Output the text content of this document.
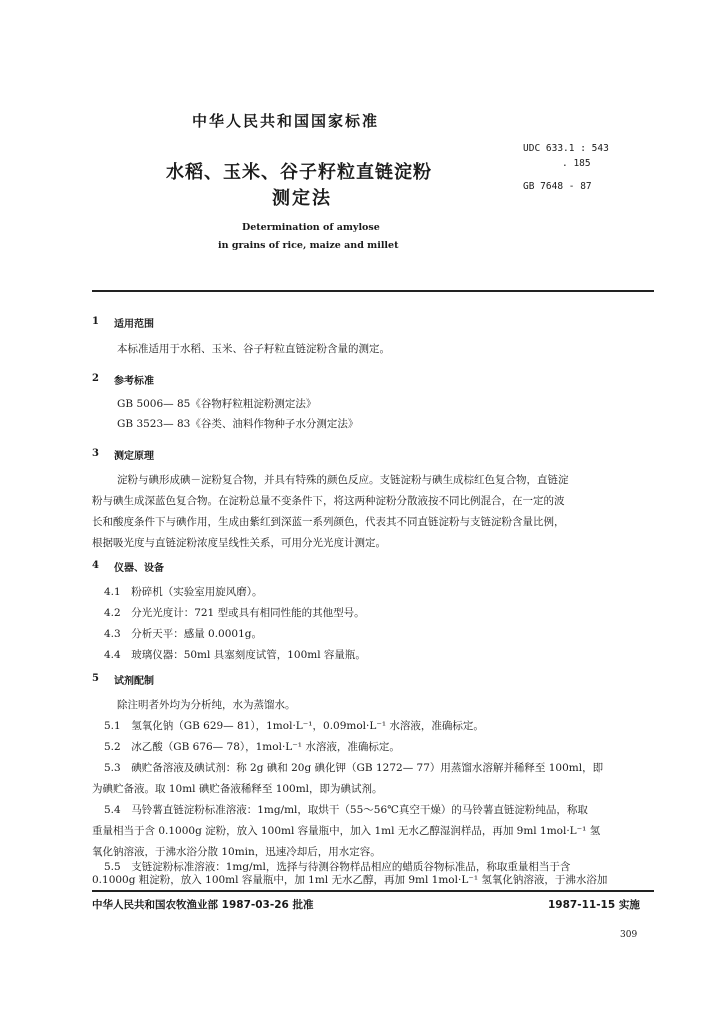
中华人民共和国国家标准
水稻、玉米、谷子籽粒直链淀粉
测定法
Determination of amylose
in grains of rice, maize and millet
UDC 633.1 : 543
. 185
GB 7648 - 87
1 适用范围
本标准适用于水稻、玉米、谷子籽粒直链淀粉含量的测定。
2 参考标准
GB 5006— 85《谷物籽粒粗淀粉测定法》
GB 3523— 83《谷类、油料作物种子水分测定法》
3 测定原理
淀粉与碘形成碘－淀粉复合物，并具有特殊的颜色反应。支链淀粉与碘生成棕红色复合物，直链淀
粉与碘生成深蓝色复合物。在淀粉总量不变条件下，将这两种淀粉分散液按不同比例混合，在一定的波
长和酸度条件下与碘作用，生成由紫红到深蓝一系列颜色，代表其不同直链淀粉与支链淀粉含量比例，
根据吸光度与直链淀粉浓度呈线性关系，可用分光光度计测定。
4 仪器、设备
4.1　粉碎机（实验室用旋风磨）。
4.2　分光光度计：721 型或具有相同性能的其他型号。
4.3　分析天平：感量 0.0001g。
4.4　玻璃仪器：50ml 具塞刻度试管，100ml 容量瓶。
5 试剂配制
除注明者外均为分析纯，水为蒸馏水。
5.1　氢氧化钠（GB 629— 81），1mol·L⁻¹，0.09mol·L⁻¹ 水溶液，准确标定。
5.2　冰乙酸（GB 676— 78），1mol·L⁻¹ 水溶液，准确标定。
5.3　碘贮备溶液及碘试剂：称 2g 碘和 20g 碘化钾（GB 1272— 77）用蒸馏水溶解并稀释至 100ml，即
为碘贮备液。取 10ml 碘贮备液稀释至 100ml，即为碘试剂。
5.4　马铃薯直链淀粉标准溶液：1mg/ml，取烘干（55～56℃真空干燥）的马铃薯直链淀粉纯品，称取
重量相当于含 0.1000g 淀粉，放入 100ml 容量瓶中，加入 1ml 无水乙醇湿润样品，再加 9ml 1mol·L⁻¹ 氢
氧化钠溶液，于沸水浴分散 10min，迅速冷却后，用水定容。
5.5　支链淀粉标准溶液：1mg/ml，选择与待测谷物样品相应的蜡质谷物标准品，称取重量相当于含
0.1000g 粗淀粉，放入 100ml 容量瓶中，加 1ml 无水乙醇，再加 9ml 1mol·L⁻¹ 氢氧化钠溶液，于沸水浴加
中华人民共和国农牧渔业部 1987-03-26 批准	1987-11-15 实施
309
